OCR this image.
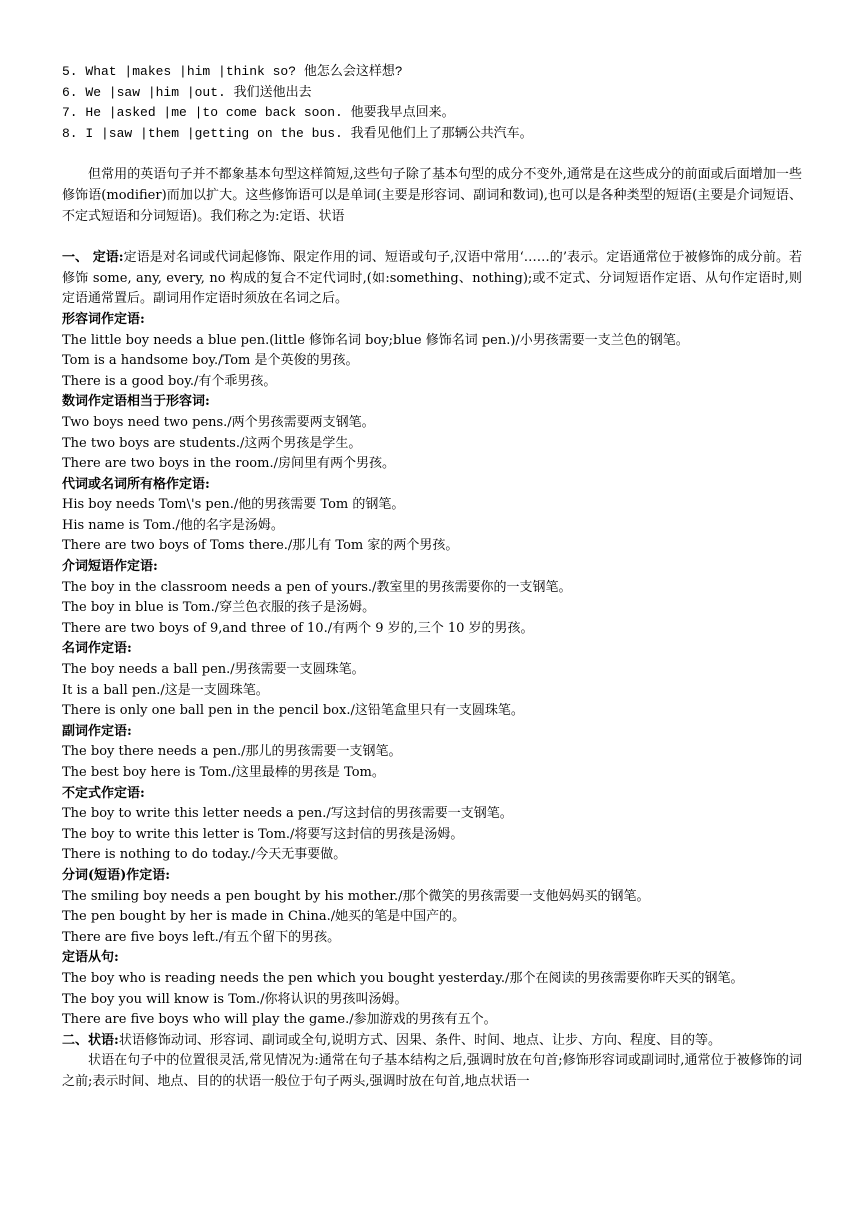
5. What |makes |him |think so? 他怎么会这样想?
6. We |saw |him |out. 我们送他出去
7. He |asked |me |to come back soon. 他要我早点回来。
8. I |saw |them |getting on the bus. 我看见他们上了那辆公共汽车。
但常用的英语句子并不都象基本句型这样简短,这些句子除了基本句型的成分不变外,通常是在这些成分的前面或后面增加一些修饰语(modifier)而加以扩大。这些修饰语可以是单词(主要是形容词、副词和数词),也可以是各种类型的短语(主要是介词短语、不定式短语和分词短语)。我们称之为:定语、状语
一、 定语:定语是对名词或代词起修饰、限定作用的词、短语或句子,汉语中常用‘……的’表示。定语通常位于被修饰的成分前。若修饰 some, any, every, no 构成的复合不定代词时,(如:something、nothing);或不定式、分词短语作定语、从句作定语时,则定语通常置后。副词用作定语时须放在名词之后。
形容词作定语:
The little boy needs a blue pen.(little 修饰名词 boy;blue 修饰名词 pen.)/小男孩需要一支兰色的钢笔。
Tom is a handsome boy./Tom 是个英俊的男孩。
There is a good boy./有个乖男孩。
数词作定语相当于形容词:
Two boys need two pens./两个男孩需要两支钢笔。
The two boys are students./这两个男孩是学生。
There are two boys in the room./房间里有两个男孩。
代词或名词所有格作定语:
His boy needs Tom\'s pen./他的男孩需要 Tom 的钢笔。
His name is Tom./他的名字是汤姆。
There are two boys of Toms there./那儿有 Tom 家的两个男孩。
介词短语作定语:
The boy in the classroom needs a pen of yours./教室里的男孩需要你的一支钢笔。
The boy in blue is Tom./穿兰色衣服的孩子是汤姆。
There are two boys of 9,and three of 10./有两个 9 岁的,三个 10 岁的男孩。
名词作定语:
The boy needs a ball pen./男孩需要一支圆珠笔。
It is a ball pen./这是一支圆珠笔。
There is only one ball pen in the pencil box./这铅笔盒里只有一支圆珠笔。
副词作定语:
The boy there needs a pen./那儿的男孩需要一支钢笔。
The best boy here is Tom./这里最棒的男孩是 Tom。
不定式作定语:
The boy to write this letter needs a pen./写这封信的男孩需要一支钢笔。
The boy to write this letter is Tom./将要写这封信的男孩是汤姆。
There is nothing to do today./今天无事要做。
分词(短语)作定语:
The smiling boy needs a pen bought by his mother./那个微笑的男孩需要一支他妈妈买的钢笔。
The pen bought by her is made in China./她买的笔是中国产的。
There are five boys left./有五个留下的男孩。
定语从句:
The boy who is reading needs the pen which you bought yesterday./那个在阅读的男孩需要你昨天买的钢笔。
The boy you will know is Tom./你将认识的男孩叫汤姆。
There are five boys who will play the game./参加游戏的男孩有五个。
二、状语:状语修饰动词、形容词、副词或全句,说明方式、因果、条件、时间、地点、让步、方向、程度、目的等。
状语在句子中的位置很灵活,常见情况为:通常在句子基本结构之后,强调时放在句首;修饰形容词或副词时,通常位于被修饰的词之前;表示时间、地点、目的的状语一般位于句子两头,强调时放在句首,地点状语一
